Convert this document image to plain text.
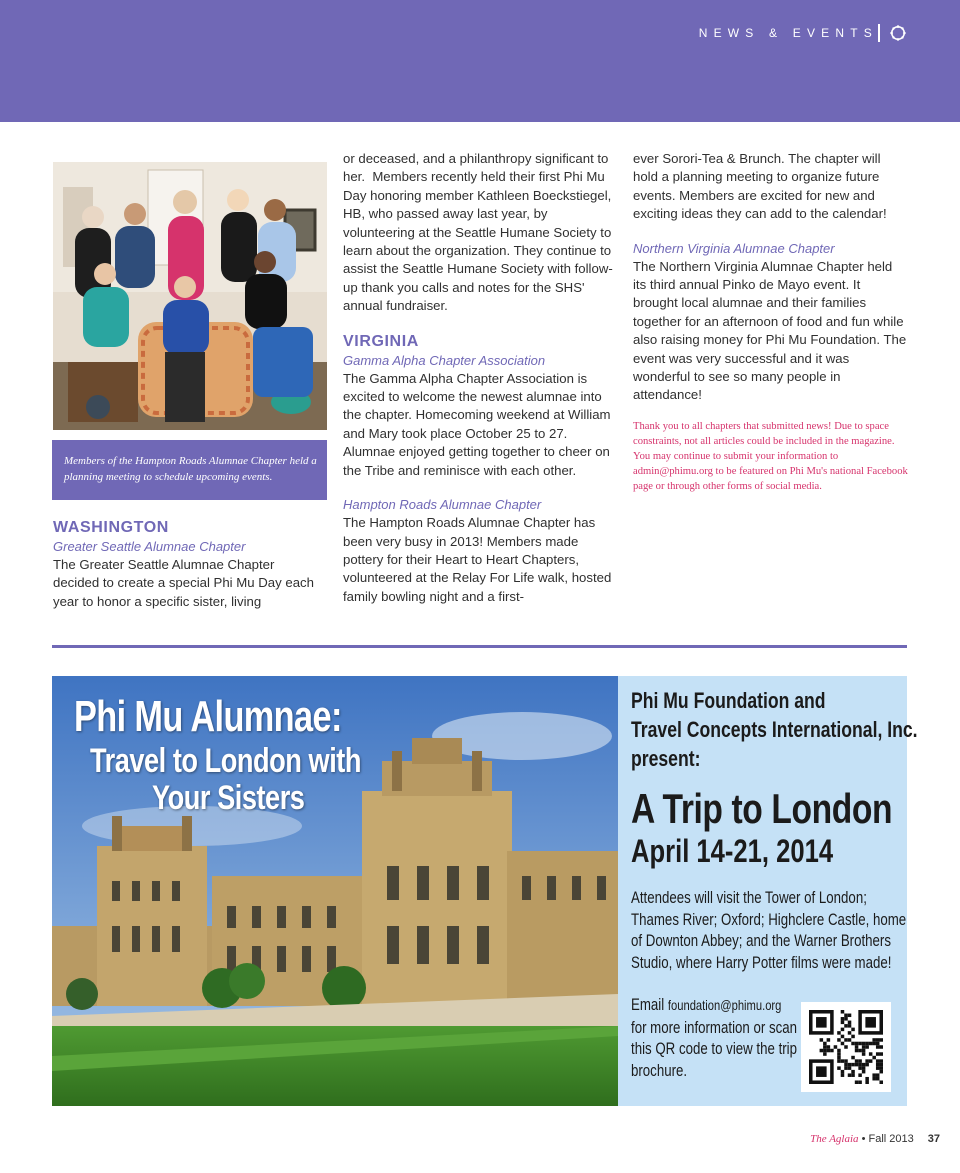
NEWS & EVENTS

Members of the Hampton Roads Alumnae Chapter held a planning meeting to schedule upcoming events.

WASHINGTON
Greater Seattle Alumnae Chapter

The Greater Seattle Alumnae Chapter decided to create a special Phi Mu Day each year to honor a specific sister, living

or deceased, and a philanthropy significant to her.  Members recently held their first Phi Mu Day honoring member Kathleen Boeckstiegel, HB, who passed away last year, by volunteering at the Seattle Humane Society to learn about the organization. They continue to assist the Seattle Humane Society with follow-up thank you calls and notes for the SHS' annual fundraiser.

VIRGINIA
Gamma Alpha Chapter Association

The Gamma Alpha Chapter Association is excited to welcome the newest alumnae into the chapter. Homecoming weekend at William and Mary took place October 25 to 27. Alumnae enjoyed getting together to cheer on the Tribe and reminisce with each other.

Hampton Roads Alumnae Chapter

The Hampton Roads Alumnae Chapter has been very busy in 2013! Members made pottery for their Heart to Heart Chapters, volunteered at the Relay For Life walk, hosted family bowling night and a first-

ever Sorori-Tea & Brunch. The chapter will hold a planning meeting to organize future events. Members are excited for new and exciting ideas they can add to the calendar!

Northern Virginia Alumnae Chapter

The Northern Virginia Alumnae Chapter held its third annual Pinko de Mayo event. It brought local alumnae and their families together for an afternoon of food and fun while also raising money for Phi Mu Foundation. The event was very successful and it was wonderful to see so many people in attendance!

Thank you to all chapters that submitted news! Due to space constraints, not all articles could be included in the magazine. You may continue to submit your information to admin@phimu.org to be featured on Phi Mu's national Facebook page or through other forms of social media.

Phi Mu Alumnae:
Travel to London with
Your Sisters
Phi Mu Foundation and
Travel Concepts International, Inc.
present:
A Trip to London
April 14-21, 2014
Attendees will visit the Tower of London;
Thames River; Oxford; Highclere Castle, home
of Downton Abbey; and the Warner Brothers
Studio, where Harry Potter films were made!
Email foundation@phimu.org
for more information or scan
this QR code to view the trip
brochure.
The Aglaia • Fall 2013 37
